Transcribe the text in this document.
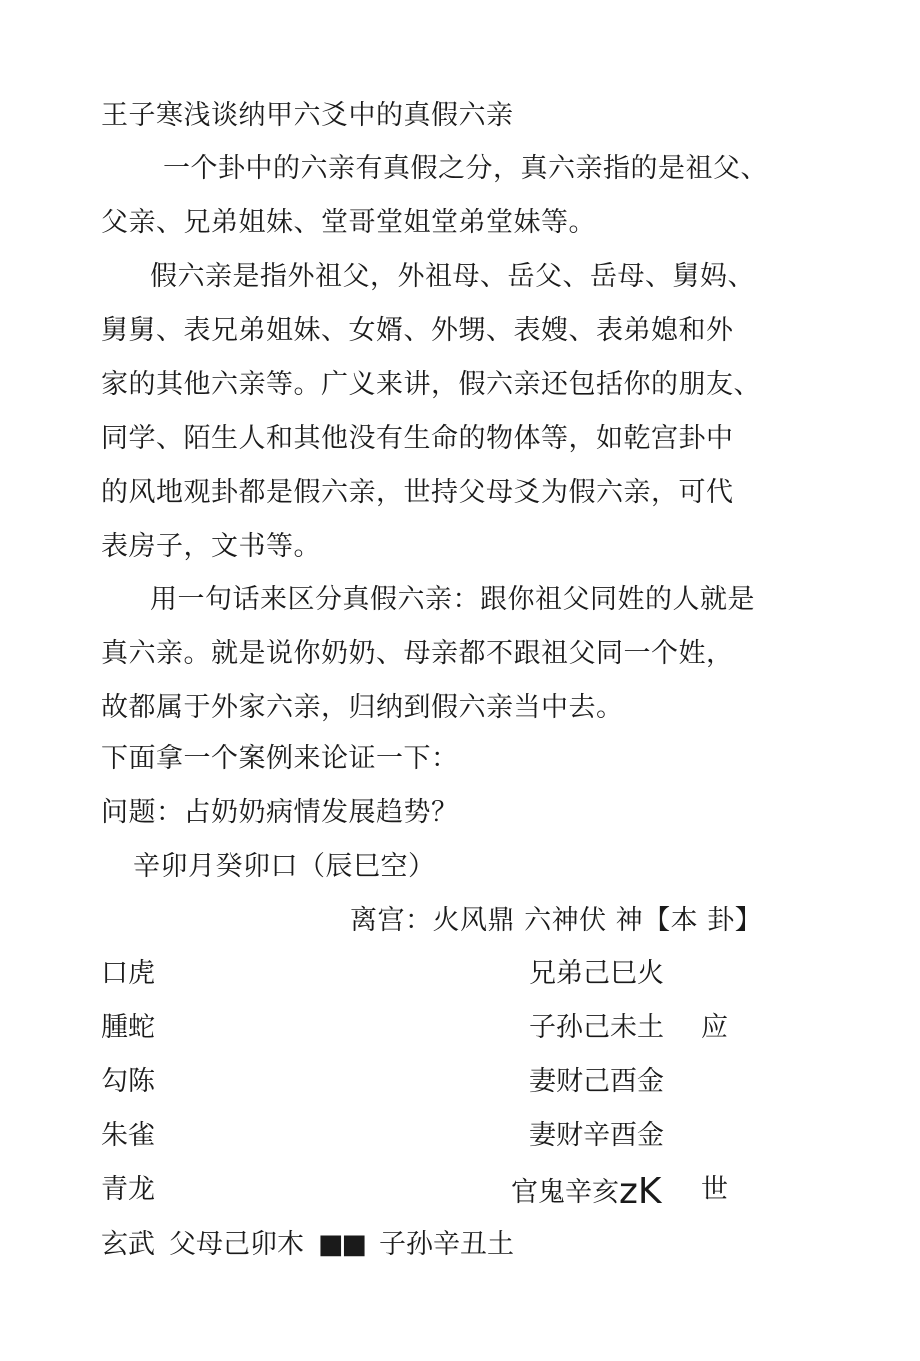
王子寒浅谈纳甲六爻中的真假六亲
一个卦中的六亲有真假之分，真六亲指的是祖父、
父亲、兄弟姐妹、堂哥堂姐堂弟堂妹等。
假六亲是指外祖父，外祖母、岳父、岳母、舅妈、
舅舅、表兄弟姐妹、女婿、外甥、表嫂、表弟媳和外
家的其他六亲等。广义来讲，假六亲还包括你的朋友、
同学、陌生人和其他没有生命的物体等，如乾宫卦中
的风地观卦都是假六亲，世持父母爻为假六亲，可代
表房子，文书等。
用一句话来区分真假六亲：跟你祖父同姓的人就是
真六亲。就是说你奶奶、母亲都不跟祖父同一个姓，
故都属于外家六亲，归纳到假六亲当中去。
下面拿一个案例来论证一下：
问题：占奶奶病情发展趋势？
辛卯月癸卯口（辰巳空）
离宫：火风鼎 六神伏 神【本 卦】
口虎	兄弟己巳火
腫蛇	子孙己未土 应
勾陈	妻财己酉金
朱雀	妻财辛酉金
青龙	官鬼辛亥zK 世
玄武 父母己卯木 ■■ 子孙辛丑土
